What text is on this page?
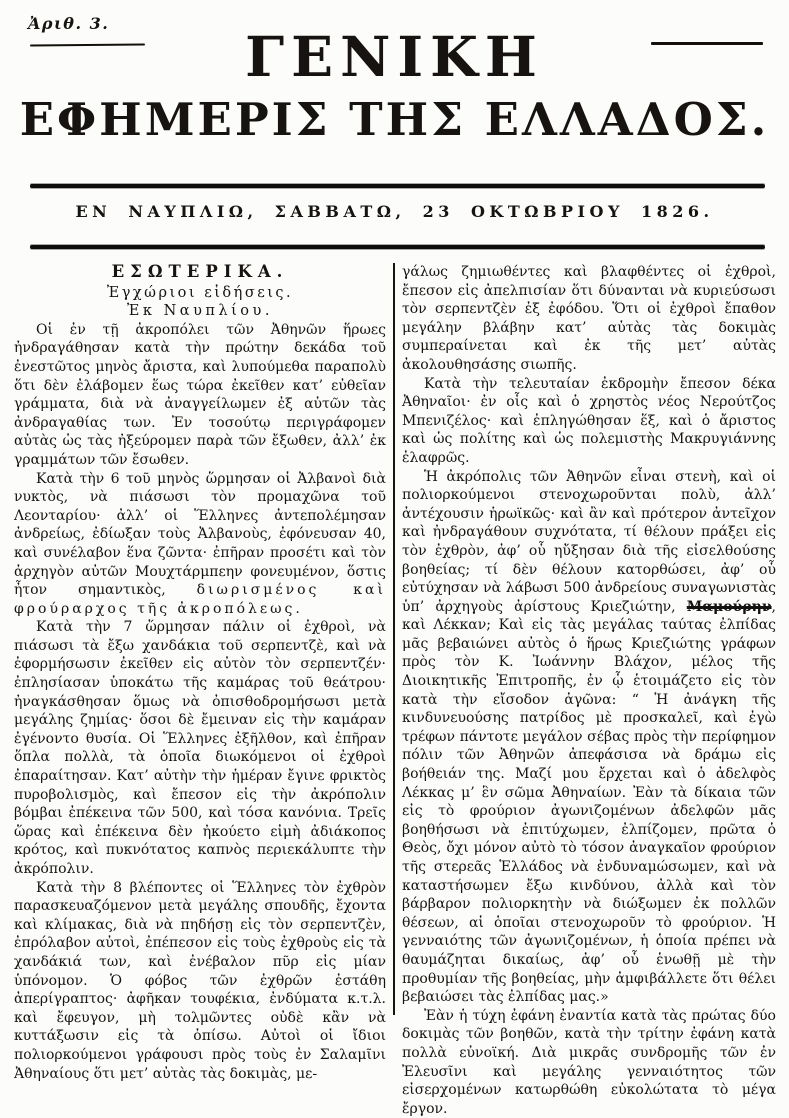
Ἀριθ. 3.
ΓΕΝΙΚΗ
ΕΦΗΜΕΡΙΣ ΤΗΣ ΕΛΛΑΔΟΣ.
ΕΝ ΝΑΥΠΛΙΩ, ΣΑΒΒΑΤΩ, 23 ΟΚΤΩΒΡΙΟΥ 1826.

ΕΣΩΤΕΡΙΚΑ.

Ἐγχώριοι εἰδήσεις.

Ἐκ Ναυπλίου.

Οἱ ἐν τῇ ἀκροπόλει τῶν Ἀθηνῶν ἥρωες ἠνδραγάθησαν κατὰ τὴν πρώτην δεκάδα τοῦ ἐνεστῶτος μηνὸς ἄριστα, καὶ λυπούμεθα παραπολὺ ὅτι δὲν ἐλάβομεν ἕως τώρα ἐκεῖθεν κατ’ εὐθεῖαν γράμματα, διὰ νὰ ἀναγγείλωμεν ἐξ αὐτῶν τὰς ἀνδραγαθίας των. Ἐν τοσούτῳ περιγράφομεν αὐτὰς ὡς τὰς ἠξεύρομεν παρὰ τῶν ἔξωθεν, ἀλλ’ ἐκ γραμμάτων τῶν ἔσωθεν.

Κατὰ τὴν 6 τοῦ μηνὸς ὥρμησαν οἱ Ἀλβανοὶ διὰ νυκτὸς, νὰ πιάσωσι τὸν προμαχῶνα τοῦ Λεονταρίου· ἀλλ’ οἱ Ἕλληνες ἀντεπολέμησαν ἀνδρείως, ἐδίωξαν τοὺς Ἀλβανοὺς, ἐφόνευσαν 40, καὶ συνέλαβον ἕνα ζῶντα· ἐπῆραν προσέτι καὶ τὸν ἀρχηγὸν αὐτῶν Μουχτάρμπεην φονευμένον, ὅστις ἦτον σημαντικὸς, διωρισμένος καὶ φρούραρχος τῆς ἀκροπόλεως.

Κατὰ τὴν 7 ὥρμησαν πάλιν οἱ ἐχθροὶ, νὰ πιάσωσι τὰ ἔξω χανδάκια τοῦ σερπεντζὲ, καὶ νὰ ἐφορμήσωσιν ἐκεῖθεν εἰς αὐτὸν τὸν σερπεντζέν· ἐπλησίασαν ὑποκάτω τῆς καμάρας τοῦ θεάτρου· ἠναγκάσθησαν ὅμως νὰ ὀπισθοδρομήσωσι μετὰ μεγάλης ζημίας· ὅσοι δὲ ἔμειναν εἰς τὴν καμάραν ἐγένοντο θυσία. Οἱ Ἕλληνες ἐξῆλθον, καὶ ἐπῆραν ὅπλα πολλὰ, τὰ ὁποῖα διωκόμενοι οἱ ἐχθροὶ ἐπαραίτησαν. Κατ’ αὐτὴν τὴν ἡμέραν ἔγινε φρικτὸς πυροβολισμὸς, καὶ ἔπεσον εἰς τὴν ἀκρόπολιν βόμβαι ἐπέκεινα τῶν 500, καὶ τόσα κανόνια. Τρεῖς ὥρας καὶ ἐπέκεινα δὲν ἠκούετο εἰμὴ ἀδιάκοπος κρότος, καὶ πυκνότατος καπνὸς περιεκάλυπτε τὴν ἀκρόπολιν.

Κατὰ τὴν 8 βλέποντες οἱ Ἕλληνες τὸν ἐχθρὸν παρασκευαζόμενον μετὰ μεγάλης σπουδῆς, ἔχοντα καὶ κλίμακας, διὰ νὰ πηδήσῃ εἰς τὸν σερπεντζὲν, ἐπρόλαβον αὐτοὶ, ἐπέπεσον εἰς τοὺς ἐχθροὺς εἰς τὰ χανδάκιά των, καὶ ἐνέβαλον πῦρ εἰς μίαν ὑπόνομον. Ὁ φόβος τῶν ἐχθρῶν ἐστάθη ἀπερίγραπτος· ἀφῆκαν τουφέκια, ἐνδύματα κ.τ.λ. καὶ ἔφευγον, μὴ τολμῶντες οὐδὲ κἂν νὰ κυττάξωσιν εἰς τὰ ὀπίσω. Αὐτοὶ οἱ ἴδιοι πολιορκούμενοι γράφουσι πρὸς τοὺς ἐν Σαλαμῖνι Ἀθηναίους ὅτι μετ’ αὐτὰς τὰς δοκιμὰς, με-

γάλως ζημιωθέντες καὶ βλαφθέντες οἱ ἐχθροὶ, ἔπεσον εἰς ἀπελπισίαν ὅτι δύνανται νὰ κυριεύσωσι τὸν σερπεντζὲν ἐξ ἐφόδου. Ὅτι οἱ ἐχθροὶ ἔπαθον μεγάλην βλάβην κατ’ αὐτὰς τὰς δοκιμὰς συμπεραίνεται καὶ ἐκ τῆς μετ’ αὐτὰς ἀκολουθησάσης σιωπῆς.

Κατὰ τὴν τελευταίαν ἐκδρομὴν ἔπεσον δέκα Ἀθηναῖοι· ἐν οἷς καὶ ὁ χρηστὸς νέος Νερούτζος Μπενιζέλος· καὶ ἐπληγώθησαν ἕξ, καὶ ὁ ἄριστος καὶ ὡς πολίτης καὶ ὡς πολεμιστὴς Μακρυγιάννης ἐλαφρῶς.

Ἡ ἀκρόπολις τῶν Ἀθηνῶν εἶναι στενὴ, καὶ οἱ πολιορκούμενοι στενοχωροῦνται πολὺ, ἀλλ’ ἀντέχουσιν ἡρωϊκῶς· καὶ ἂν καὶ πρότερον ἀντεῖχον καὶ ἠνδραγάθουν συχνότατα, τί θέλουν πράξει εἰς τὸν ἐχθρὸν, ἀφ’ οὗ ηὔξησαν διὰ τῆς εἰσελθούσης βοηθείας; τί δὲν θέλουν κατορθώσει, ἀφ’ οὗ εὐτύχησαν νὰ λάβωσι 500 ἀνδρείους συναγωνιστὰς ὑπ’ ἀρχηγοὺς ἀρίστους Κριεζιώτην, Μαμούρην, καὶ Λέκκαν; Καὶ εἰς τὰς μεγάλας ταύτας ἐλπίδας μᾶς βεβαιώνει αὐτὸς ὁ ἥρως Κριεζιώτης γράφων πρὸς τὸν Κ. Ἰωάννην Βλάχον, μέλος τῆς Διοικητικῆς Ἐπιτροπῆς, ἐν ᾧ ἑτοιμάζετο εἰς τὸν κατὰ τὴν εἴσοδον ἀγῶνα: “ Ἡ ἀνάγκη τῆς κινδυνευούσης πατρίδος μὲ προσκαλεῖ, καὶ ἐγὼ τρέφων πάντοτε μεγάλον σέβας πρὸς τὴν περίφημον πόλιν τῶν Ἀθηνῶν ἀπεφάσισα νὰ δράμω εἰς βοήθειάν της. Μαζί μου ἔρχεται καὶ ὁ ἀδελφὸς Λέκκας μ’ ἓν σῶμα Ἀθηναίων. Ἐὰν τὰ δίκαια τῶν εἰς τὸ φρούριον ἀγωνιζομένων ἀδελφῶν μᾶς βοηθήσωσι νὰ ἐπιτύχωμεν, ἐλπίζομεν, πρῶτα ὁ Θεὸς, ὄχι μόνον αὐτὸ τὸ τόσον ἀναγκαῖον φρούριον τῆς στερεᾶς Ἑλλάδος νὰ ἐνδυναμώσωμεν, καὶ νὰ καταστήσωμεν ἔξω κινδύνου, ἀλλὰ καὶ τὸν βάρβαρον πολιορκητὴν νὰ διώξωμεν ἐκ πολλῶν θέσεων, αἱ ὁποῖαι στενοχωροῦν τὸ φρούριον. Ἡ γενναιότης τῶν ἀγωνιζομένων, ἡ ὁποία πρέπει νὰ θαυμάζηται δικαίως, ἀφ’ οὗ ἑνωθῇ μὲ τὴν προθυμίαν τῆς βοηθείας, μὴν ἀμφιβάλλετε ὅτι θέλει βεβαιώσει τὰς ἐλπίδας μας.»

Ἐὰν ἡ τύχη ἐφάνη ἐναντία κατὰ τὰς πρώτας δύο δοκιμὰς τῶν βοηθῶν, κατὰ τὴν τρίτην ἐφάνη κατὰ πολλὰ εὐνοϊκή. Διὰ μικρᾶς συνδρομῆς τῶν ἐν Ἐλευσῖνι καὶ μεγάλης γενναιότητος τῶν εἰσερχομένων κατωρθώθη εὐκολώτατα τὸ μέγα ἔργον.
